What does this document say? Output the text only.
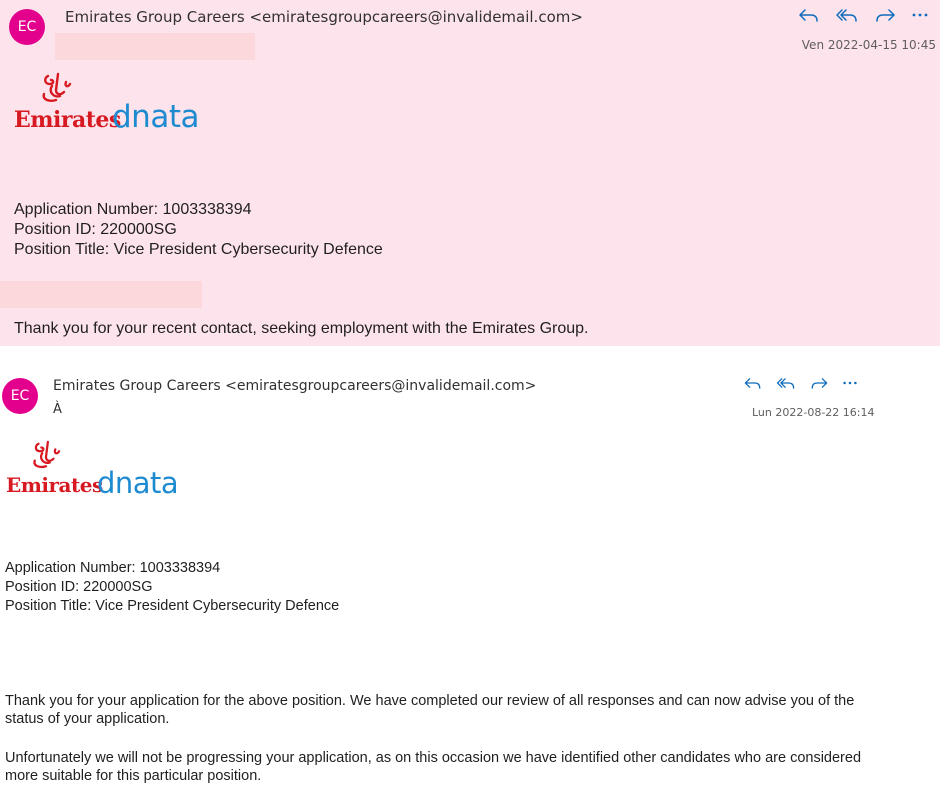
EC
Emirates Group Careers <emiratesgroupcareers@invalidemail.com>
Ven 2022-04-15 10:45
Emirates
dnata
Application Number: 1003338394
Position ID: 220000SG
Position Title: Vice President Cybersecurity Defence
Thank you for your recent contact, seeking employment with the Emirates Group.
EC
Emirates Group Careers <emiratesgroupcareers@invalidemail.com>
À	Lun 2022-08-22 16:14
Emirates
dnata
Application Number: 1003338394
Position ID: 220000SG
Position Title: Vice President Cybersecurity Defence
Thank you for your application for the above position. We have completed our review of all responses and can now advise you of the status of your application.
Unfortunately we will not be progressing your application, as on this occasion we have identified other candidates who are considered more suitable for this particular position.
